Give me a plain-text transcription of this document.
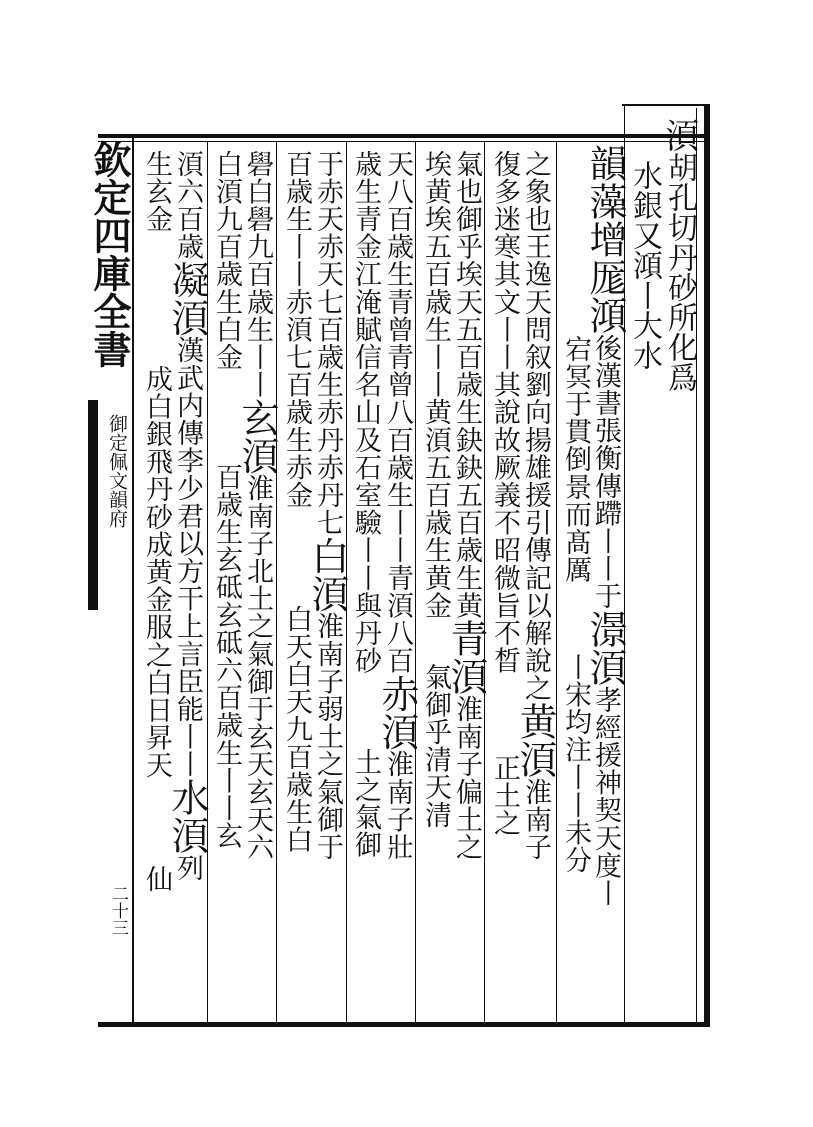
欽定四庫全書
御定佩文韻府
二十三
湏胡孔切丹砂所化爲
水銀又澒丨大水
韻藻增厖澒後漢書張衡傳蹛丨丨于澋湏孝經援神契天度丨
宕冥于貫倒景而髙厲丨宋均注丨丨未分
之象也王逸天問叙劉向揚雄援引傳記以解說之黄湏淮南子
復多迷寒其文丨丨其說故厥義不昭微旨不晳正土之
氣也御乎埃天五百歳生鈌鈌五百歳生黄青湏淮南子偏土之
埃黄埃五百歳生丨丨黄湏五百歳生黄金氣御乎清天清
天八百歳生青曾青曾八百歳生丨丨青湏八百赤湏淮南子壯
歳生青金江淹賦信名山及石室驗丨丨與丹砂土之氣御
于赤天赤天七百歳生赤丹赤丹七白湏淮南子弱土之氣御于
百歳生丨丨赤湏七百歳生赤金白天白天九百歳生白
礐白礐九百歳生丨丨玄湏淮南子北土之氣御于玄天玄天六
白湏九百歳生白金百歳生玄砥玄砥六百歳生丨丨玄
湏六百歳凝湏漢武内傳李少君以方干上言臣能丨丨水湏列
生玄金成白銀飛丹砂成黄金服之白日昇天仙
